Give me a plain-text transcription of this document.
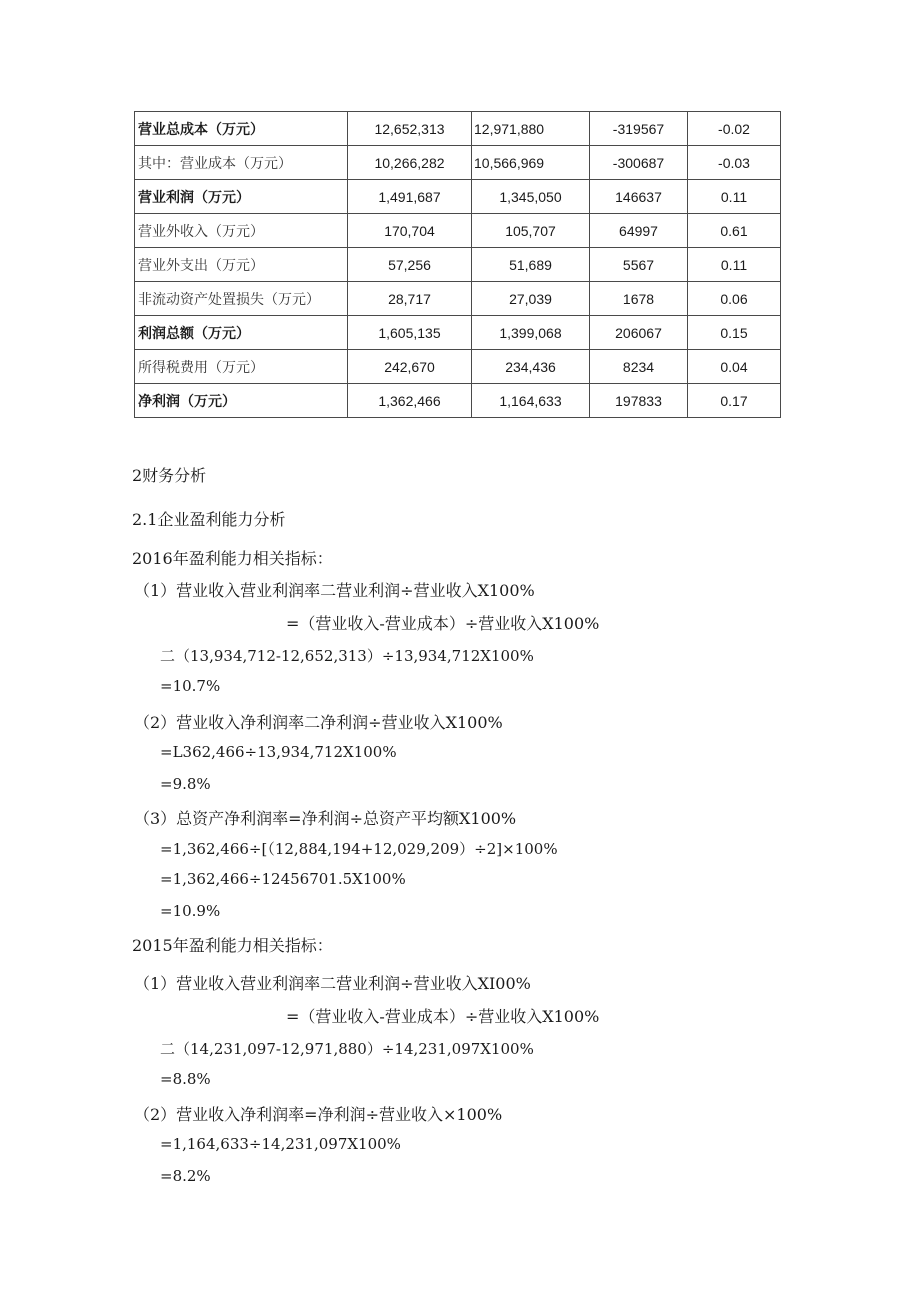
营业总成本（万元）	12,652,313	12,971,880	-319567	-0.02
其中：营业成本（万元）	10,266,282	10,566,969	-300687	-0.03
营业利润（万元）	1,491,687	1,345,050	146637	0.11
营业外收入（万元）	170,704	105,707	64997	0.61
营业外支出（万元）	57,256	51,689	5567	0.11
非流动资产处置损失（万元）	28,717	27,039	1678	0.06
利润总额（万元）	1,605,135	1,399,068	206067	0.15
所得税费用（万元）	242,670	234,436	8234	0.04
净利润（万元）	1,362,466	1,164,633	197833	0.17
2财务分析
2.1企业盈利能力分析
2016年盈利能力相关指标：
（1）营业收入营业利润率二营业利润÷营业收入X100%
=（营业收入-营业成本）÷营业收入X100%
二（13,934,712-12,652,313）÷13,934,712X100%
=10.7%
（2）营业收入净利润率二净利润÷营业收入X100%
=L362,466÷13,934,712X100%
=9.8%
（3）总资产净利润率=净利润÷总资产平均额X100%
=1,362,466÷[（12,884,194+12,029,209）÷2]×100%
=1,362,466÷12456701.5X100%
=10.9%
2015年盈利能力相关指标：
（1）营业收入营业利润率二营业利润÷营业收入XI00%
=（营业收入-营业成本）÷营业收入X100%
二（14,231,097-12,971,880）÷14,231,097X100%
=8.8%
（2）营业收入净利润率=净利润÷营业收入×100%
=1,164,633÷14,231,097X100%
=8.2%
